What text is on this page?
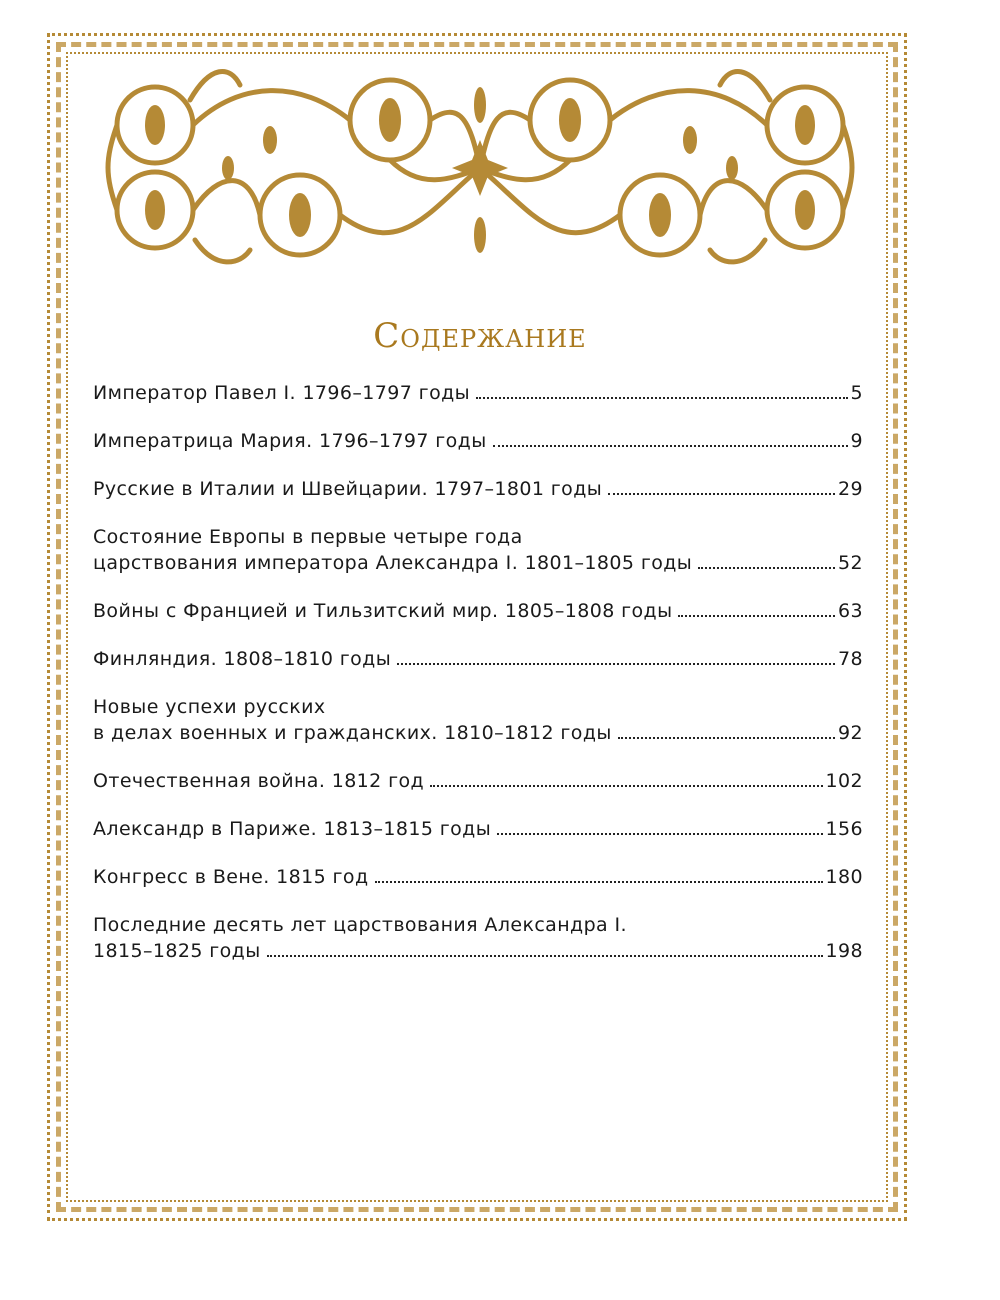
Содержание
Император Павел I. 1796–1797 годы	5
Императрица Мария. 1796–1797 годы	9
Русские в Италии и Швейцарии. 1797–1801 годы	29
Состояние Европы в первые четыре года
царствования императора Александра I. 1801–1805 годы	52
Войны с Францией и Тильзитский мир. 1805–1808 годы	63
Финляндия. 1808–1810 годы	78
Новые успехи русских
в делах военных и гражданских. 1810–1812 годы	92
Отечественная война. 1812 год	102
Александр в Париже. 1813–1815 годы	156
Конгресс в Вене. 1815 год	180
Последние десять лет царствования Александра I.
1815–1825 годы	198
